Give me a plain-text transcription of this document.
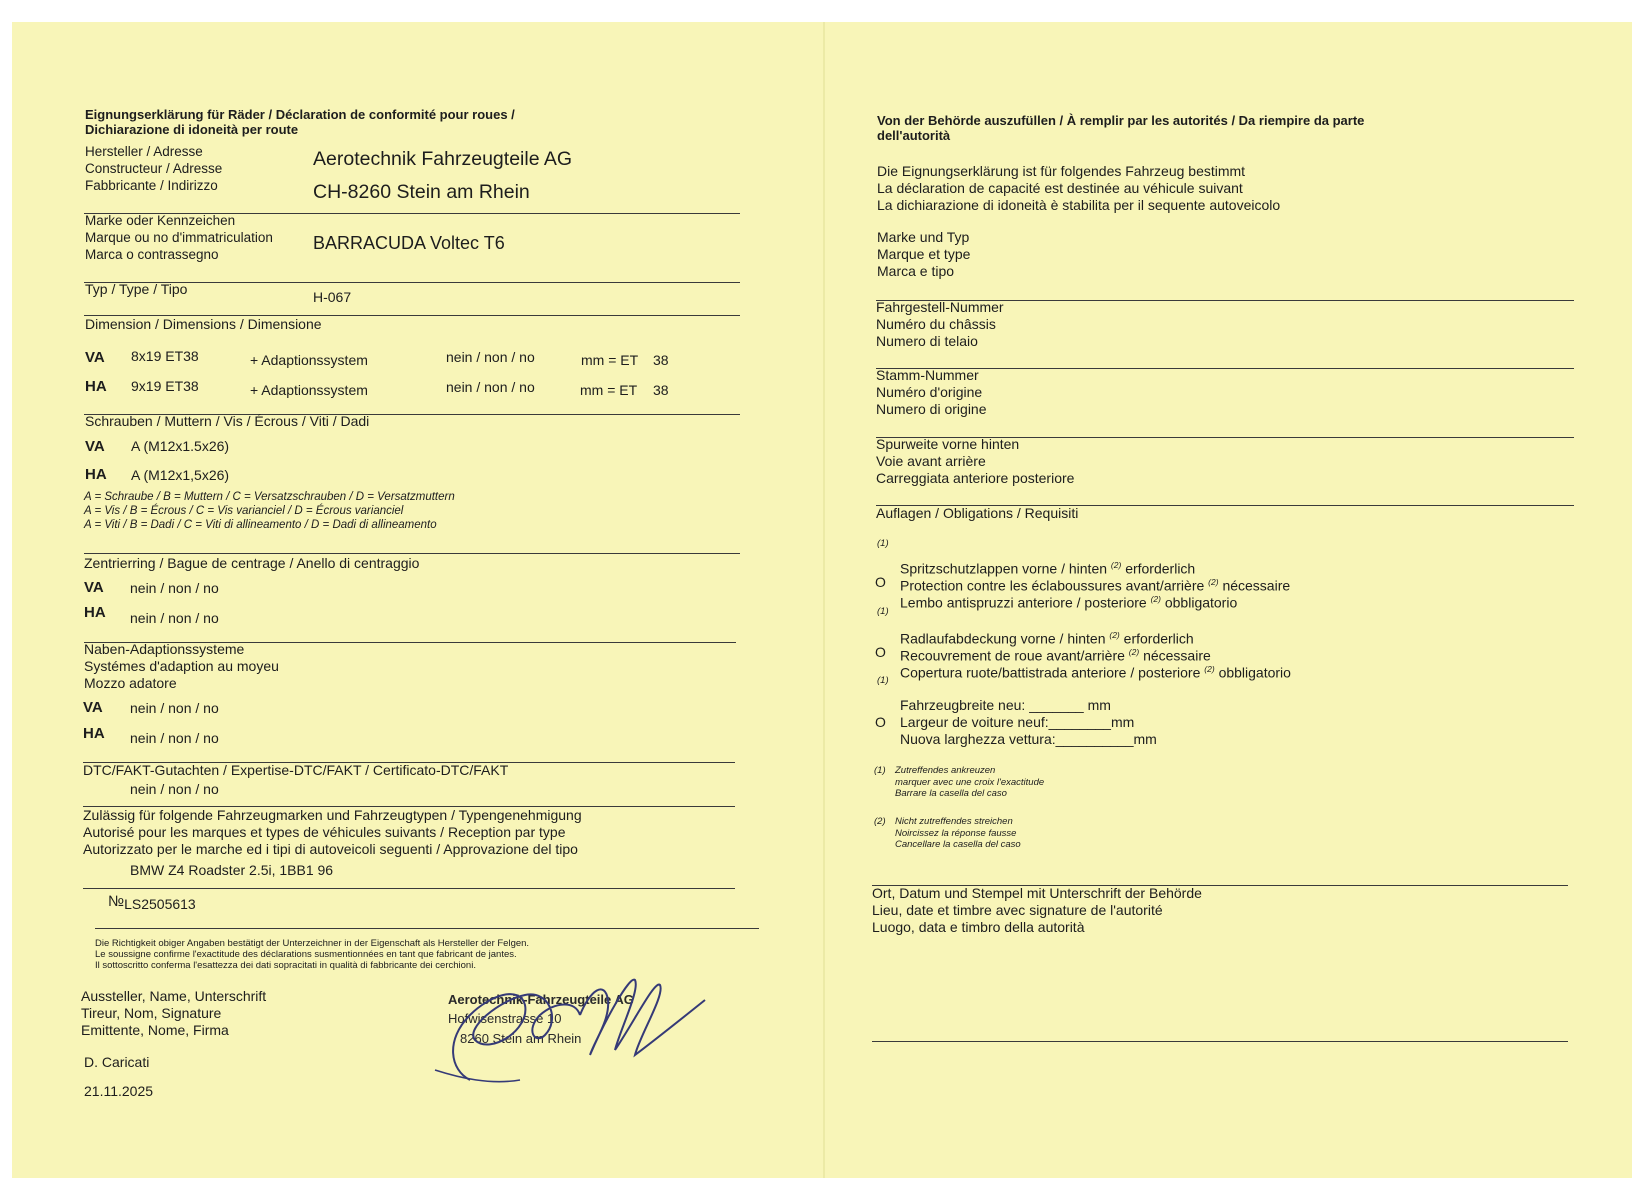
Eignungserklärung für Räder / Déclaration de conformité pour roues /
Dichiarazione di idoneità per route
Hersteller / Adresse
Constructeur / Adresse
Fabbricante / Indirizzo
Aerotechnik Fahrzeugteile AG
CH-8260 Stein am Rhein
Marke oder Kennzeichen
Marque ou no d'immatriculation
Marca o contrassegno
BARRACUDA Voltec T6
Typ / Type / Tipo	H-067
Dimension / Dimensions / Dimensione
VA 8x19 ET38	+ Adaptionssystem	nein / non / no	mm = ET 38
HA 9x19 ET38	+ Adaptionssystem	nein / non / no	mm = ET 38
Schrauben / Muttern / Vis / Écrous / Viti / Dadi
VA A (M12x1.5x26)
HA A (M12x1,5x26)
A = Schraube / B = Muttern / C = Versatzschrauben / D = Versatzmuttern
A = Vis / B = Écrous / C = Vis varianciel / D = Écrous varianciel
A = Viti / B = Dadi / C = Viti di allineamento / D = Dadi di allineamento
Zentrierring / Bague de centrage / Anello di centraggio
VA nein / non / no
HA nein / non / no
Naben-Adaptionssysteme
Systémes d'adaption au moyeu
Mozzo adatore
VA nein / non / no
HA nein / non / no
DTC/FAKT-Gutachten / Expertise-DTC/FAKT / Certificato-DTC/FAKT
nein / non / no
Zulässig für folgende Fahrzeugmarken und Fahrzeugtypen / Typengenehmigung
Autorisé pour les marques et types de véhicules suivants / Reception par type
Autorizzato per le marche ed i tipi di autoveicoli seguenti / Approvazione del tipo
BMW Z4 Roadster 2.5i, 1BB1 96
№LS2505613
Die Richtigkeit obiger Angaben bestätigt der Unterzeichner in der Eigenschaft als Hersteller der Felgen.
Le soussigne confirme l'exactitude des déclarations susmentionnées en tant que fabricant de jantes.
Il sottoscritto conferma l'esattezza dei dati sopracitati in qualità di fabbricante dei cerchioni.
Aussteller, Name, Unterschrift
Tireur, Nom, Signature
Emittente, Nome, Firma
D. Caricati
21.11.2025
Aerotechnik-Fahrzeugteile AG
Hofwisenstrasse 10
8260 Stein am Rhein
Von der Behörde auszufüllen / À remplir par les autorités / Da riempire da parte
dell'autorità
Die Eignungserklärung ist für folgendes Fahrzeug bestimmt
La déclaration de capacité est destinée au véhicule suivant
La dichiarazione di idoneità è stabilita per il sequente autoveicolo
Marke und Typ
Marque et type
Marca e tipo
Fahrgestell-Nummer
Numéro du châssis
Numero di telaio
Stamm-Nummer
Numéro d'origine
Numero di origine
Spurweite vorne hinten
Voie avant arrière
Carreggiata anteriore posteriore
Auflagen / Obligations / Requisiti
(1)
Spritzschutzlappen vorne / hinten $^{(2)}$ erforderlich
O Protection contre les éclaboussures avant/arrière $^{(2)}$ nécessaire
Lembo antispruzzi anteriore / posteriore $^{(2)}$ obbligatorio
(1)
Radlaufabdeckung vorne / hinten $^{(2)}$ erforderlich
O Recouvrement de roue avant/arrière $^{(2)}$ nécessaire
Copertura ruote/battistrada anteriore / posteriore $^{(2)}$ obbligatorio
(1)
Fahrzeugbreite neu: _______ mm
O Largeur de voiture neuf:________mm
Nuova larghezza vettura:__________mm
(1) Zutreffendes ankreuzen
marquer avec une croix l'exactitude
Barrare la casella del caso
(2) Nicht zutreffendes streichen
Noircissez la réponse fausse
Cancellare la casella del caso
Ort, Datum und Stempel mit Unterschrift der Behörde
Lieu, date et timbre avec signature de l'autorité
Luogo, data e timbro della autorità
